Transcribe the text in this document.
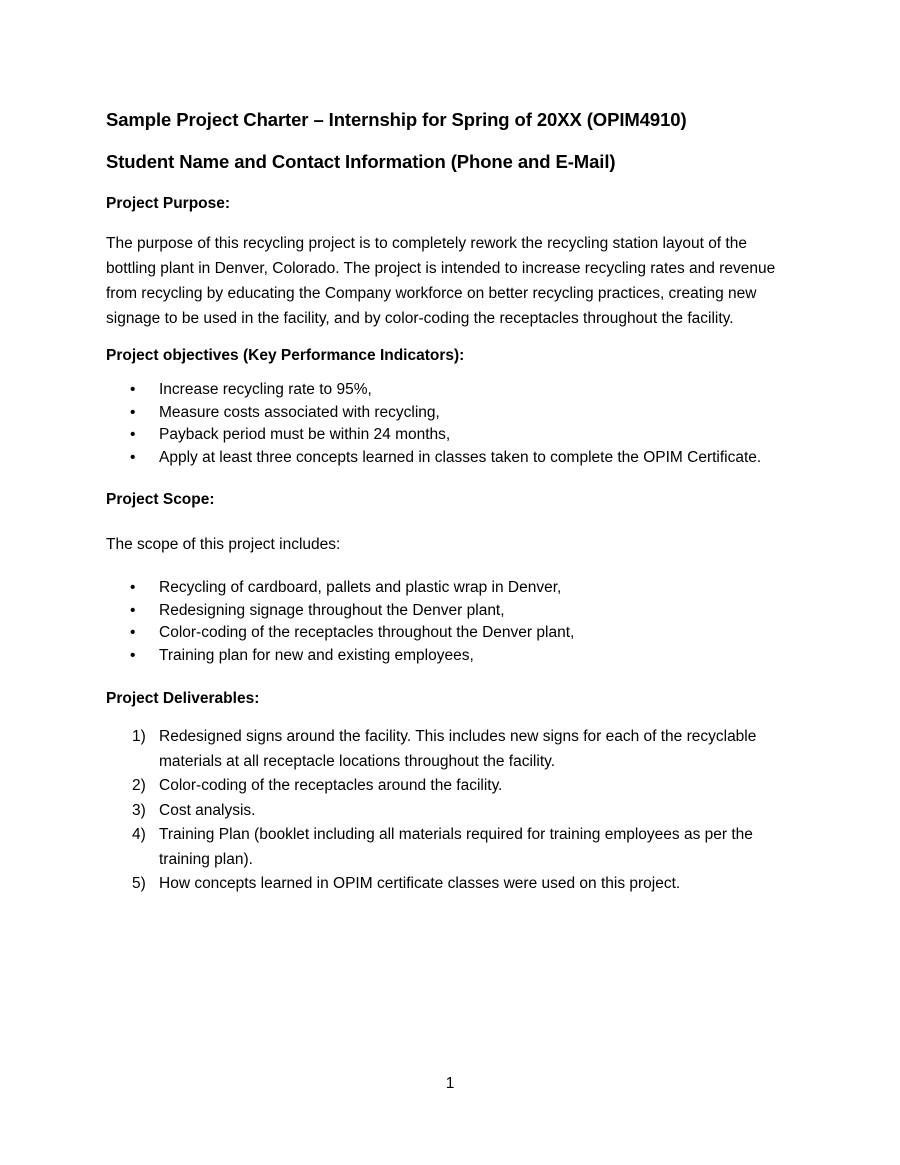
Sample Project Charter – Internship for Spring of 20XX (OPIM4910)
Student Name and Contact Information (Phone and E-Mail)
Project Purpose:

The purpose of this recycling project is to completely rework the recycling station layout of the bottling plant in Denver, Colorado. The project is intended to increase recycling rates and revenue from recycling by educating the Company workforce on better recycling practices, creating new signage to be used in the facility, and by color-coding the receptacles throughout the facility.

Project objectives (Key Performance Indicators):
• Increase recycling rate to 95%,
• Measure costs associated with recycling,
• Payback period must be within 24 months,
• Apply at least three concepts learned in classes taken to complete the OPIM Certificate.
Project Scope:

The scope of this project includes:

• Recycling of cardboard, pallets and plastic wrap in Denver,
• Redesigning signage throughout the Denver plant,
• Color-coding of the receptacles throughout the Denver plant,
• Training plan for new and existing employees,
Project Deliverables:
1) Redesigned signs around the facility. This includes new signs for each of the recyclable materials at all receptacle locations throughout the facility.
2) Color-coding of the receptacles around the facility.
3) Cost analysis.
4) Training Plan (booklet including all materials required for training employees as per the training plan).
5) How concepts learned in OPIM certificate classes were used on this project.
1
